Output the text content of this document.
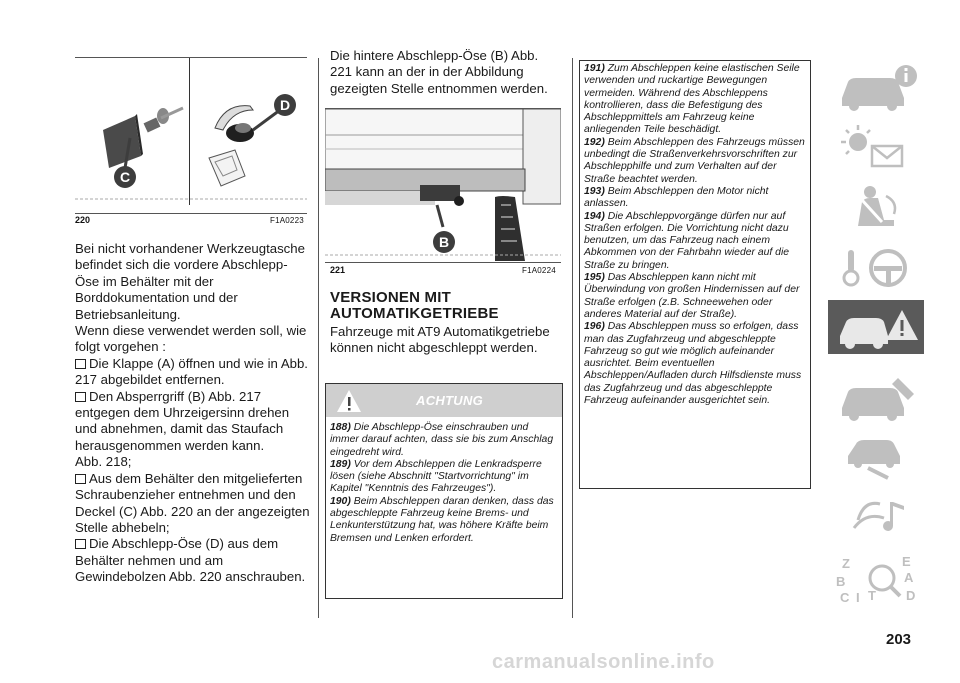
C
D
220	F1A0223

Bei nicht vorhandener Werkzeugtasche befindet sich die vordere Abschlepp-Öse im Behälter mit der Borddokumentation und der Betriebsanleitung.

Wenn diese verwendet werden soll, wie folgt vorgehen :

Die Klappe (A) öffnen und wie in Abb. 217 abgebildet entfernen.

Den Absperrgriff (B) Abb. 217 entgegen dem Uhrzeigersinn drehen und abnehmen, damit das Staufach herausgenommen werden kann.

Abb. 218;

Aus dem Behälter den mitgelieferten Schraubenzieher entnehmen und den Deckel (C) Abb. 220 an der angezeigten Stelle abhebeln;

Die Abschlepp-Öse (D) aus dem Behälter nehmen und am Gewindebolzen Abb. 220 anschrauben.

Die hintere Abschlepp-Öse (B) Abb. 221 kann an der in der Abbildung gezeigten Stelle entnommen werden.
B
221	F1A0224
VERSIONEN MIT AUTOMATIKGETRIEBE
Fahrzeuge mit AT9 Automatikgetriebe können nicht abgeschleppt werden.
ACHTUNG

188) Die Abschlepp-Öse einschrauben und immer darauf achten, dass sie bis zum Anschlag eingedreht wird.

189) Vor dem Abschleppen die Lenkradsperre lösen (siehe Abschnitt "Startvorrichtung" im Kapitel "Kenntnis des Fahrzeuges").

190) Beim Abschleppen daran denken, dass das abgeschleppte Fahrzeug keine Brems- und Lenkunterstützung hat, was höhere Kräfte beim Bremsen und Lenken erfordert.

191) Zum Abschleppen keine elastischen Seile verwenden und ruckartige Bewegungen vermeiden. Während des Abschleppens kontrollieren, dass die Befestigung des Abschleppmittels am Fahrzeug keine anliegenden Teile beschädigt.

192) Beim Abschleppen des Fahrzeugs müssen unbedingt die Straßenverkehrsvorschriften zur Abschlepphilfe und zum Verhalten auf der Straße beachtet werden.

193) Beim Abschleppen den Motor nicht anlassen.

194) Die Abschleppvorgänge dürfen nur auf Straßen erfolgen. Die Vorrichtung nicht dazu benutzen, um das Fahrzeug nach einem Abkommen von der Fahrbahn wieder auf die Straße zu bringen.

195) Das Abschleppen kann nicht mit Überwindung von großen Hindernissen auf der Straße erfolgen (z.B. Schneewehen oder anderes Material auf der Straße).

196) Das Abschleppen muss so erfolgen, dass man das Zugfahrzeug und abgeschleppte Fahrzeug so gut wie möglich aufeinander ausrichtet. Beim eventuellen Abschleppen/Aufladen durch Hilfsdienste muss das Zugfahrzeug und das abgeschleppte Fahrzeug aufeinander ausgerichtet sein.

Z	E
B	A
C T D
I
203
carmanualsonline.info
